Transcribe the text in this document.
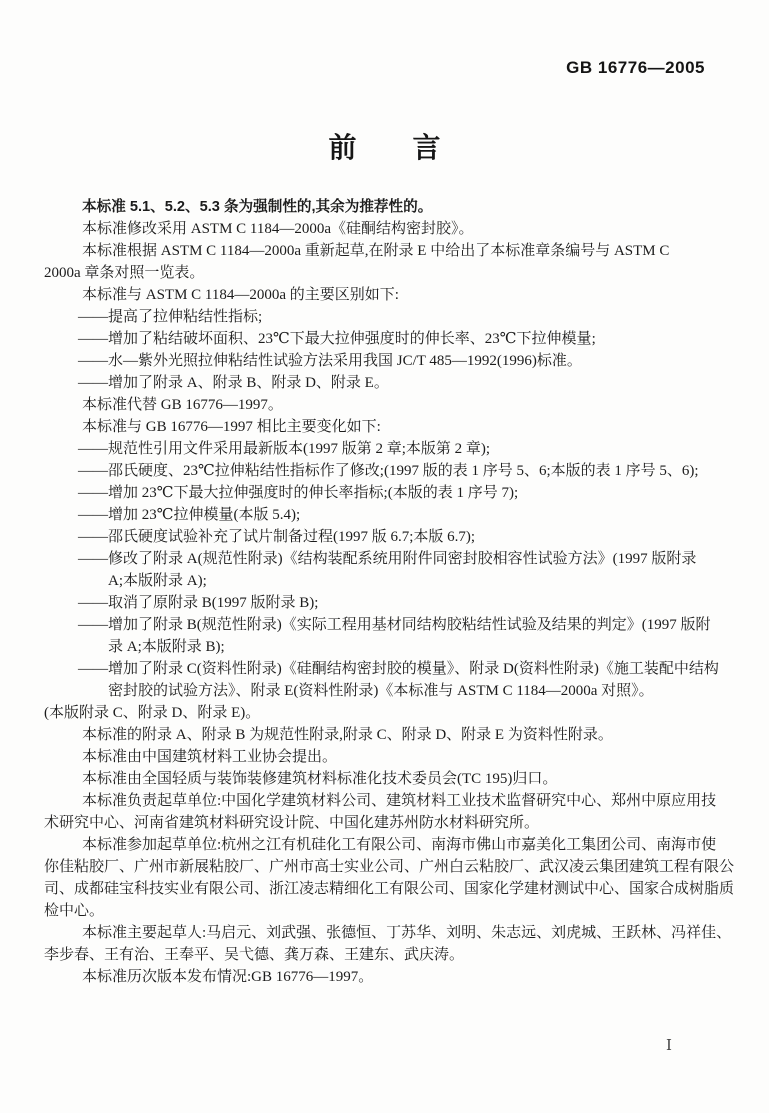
GB 16776—2005
前　　言
本标准 5.1、5.2、5.3 条为强制性的,其余为推荐性的。
本标准修改采用 ASTM C 1184—2000a《硅酮结构密封胶》。
本标准根据 ASTM C 1184—2000a 重新起草,在附录 E 中给出了本标准章条编号与 ASTM C
2000a 章条对照一览表。
本标准与 ASTM C 1184—2000a 的主要区别如下:
——提高了拉伸粘结性指标;
——增加了粘结破坏面积、23℃下最大拉伸强度时的伸长率、23℃下拉伸模量;
——水—紫外光照拉伸粘结性试验方法采用我国 JC/T 485—1992(1996)标准。
——增加了附录 A、附录 B、附录 D、附录 E。
本标准代替 GB 16776—1997。
本标准与 GB 16776—1997 相比主要变化如下:
——规范性引用文件采用最新版本(1997 版第 2 章;本版第 2 章);
——邵氏硬度、23℃拉伸粘结性指标作了修改;(1997 版的表 1 序号 5、6;本版的表 1 序号 5、6);
——增加 23℃下最大拉伸强度时的伸长率指标;(本版的表 1 序号 7);
——增加 23℃拉伸模量(本版 5.4);
——邵氏硬度试验补充了试片制备过程(1997 版 6.7;本版 6.7);
——修改了附录 A(规范性附录)《结构装配系统用附件同密封胶相容性试验方法》(1997 版附录
A;本版附录 A);
——取消了原附录 B(1997 版附录 B);
——增加了附录 B(规范性附录)《实际工程用基材同结构胶粘结性试验及结果的判定》(1997 版附
录 A;本版附录 B);
——增加了附录 C(资料性附录)《硅酮结构密封胶的模量》、附录 D(资料性附录)《施工装配中结构
密封胶的试验方法》、附录 E(资料性附录)《本标准与 ASTM C 1184—2000a 对照》。
(本版附录 C、附录 D、附录 E)。
本标准的附录 A、附录 B 为规范性附录,附录 C、附录 D、附录 E 为资料性附录。
本标准由中国建筑材料工业协会提出。
本标准由全国轻质与装饰装修建筑材料标准化技术委员会(TC 195)归口。
本标准负责起草单位:中国化学建筑材料公司、建筑材料工业技术监督研究中心、郑州中原应用技
术研究中心、河南省建筑材料研究设计院、中国化建苏州防水材料研究所。
本标准参加起草单位:杭州之江有机硅化工有限公司、南海市佛山市嘉美化工集团公司、南海市使
你佳粘胶厂、广州市新展粘胶厂、广州市高士实业公司、广州白云粘胶厂、武汉凌云集团建筑工程有限公
司、成都硅宝科技实业有限公司、浙江凌志精细化工有限公司、国家化学建材测试中心、国家合成树脂质
检中心。
本标准主要起草人:马启元、刘武强、张德恒、丁苏华、刘明、朱志远、刘虎城、王跃林、冯祥佳、
李步春、王有治、王奉平、吴弋德、龚万森、王建东、武庆涛。
本标准历次版本发布情况:GB 16776—1997。
Ⅰ
